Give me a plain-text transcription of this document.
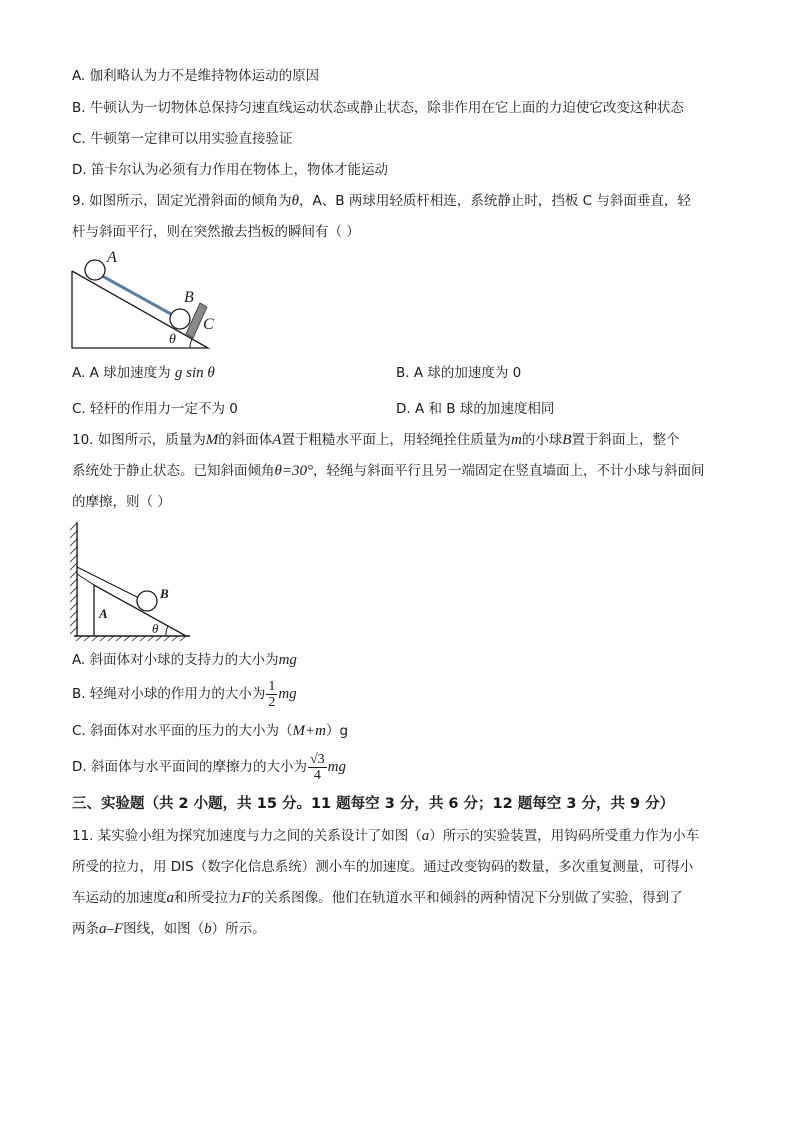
A. 伽利略认为力不是维持物体运动的原因
B. 牛顿认为一切物体总保持匀速直线运动状态或静止状态，除非作用在它上面的力迫使它改变这种状态
C. 牛顿第一定律可以用实验直接验证
D. 笛卡尔认为必须有力作用在物体上，物体才能运动
9. 如图所示，固定光滑斜面的倾角为θ，A、B 两球用轻质杆相连，系统静止时，挡板 C 与斜面垂直，轻
杆与斜面平行，则在突然撤去挡板的瞬间有（ ）
A
B
C
θ
A. A 球加速度为 g sin θ	B. A 球的加速度为 0
C. 轻杆的作用力一定不为 0	D. A 和 B 球的加速度相同
10. 如图所示，质量为M的斜面体A置于粗糙水平面上，用轻绳拴住质量为m的小球B置于斜面上，整个
系统处于静止状态。已知斜面倾角θ=30°，轻绳与斜面平行且另一端固定在竖直墙面上，不计小球与斜面间
的摩擦，则（ ）
A
B
θ
A. 斜面体对小球的支持力的大小为mg
B. 轻绳对小球的作用力的大小为 $\frac{1}{2}$ mg
C. 斜面体对水平面的压力的大小为（M+m）g
D. 斜面体与水平面间的摩擦力的大小为 $\frac{√3}{4}$ mg
三、实验题（共 2 小题，共 15 分。11 题每空 3 分，共 6 分；12 题每空 3 分，共 9 分）
11. 某实验小组为探究加速度与力之间的关系设计了如图（a）所示的实验装置，用钩码所受重力作为小车
所受的拉力，用 DIS（数字化信息系统）测小车的加速度。通过改变钩码的数量，多次重复测量，可得小
车运动的加速度a和所受拉力F的关系图像。他们在轨道水平和倾斜的两种情况下分别做了实验，得到了
两条a–F图线，如图（b）所示。
